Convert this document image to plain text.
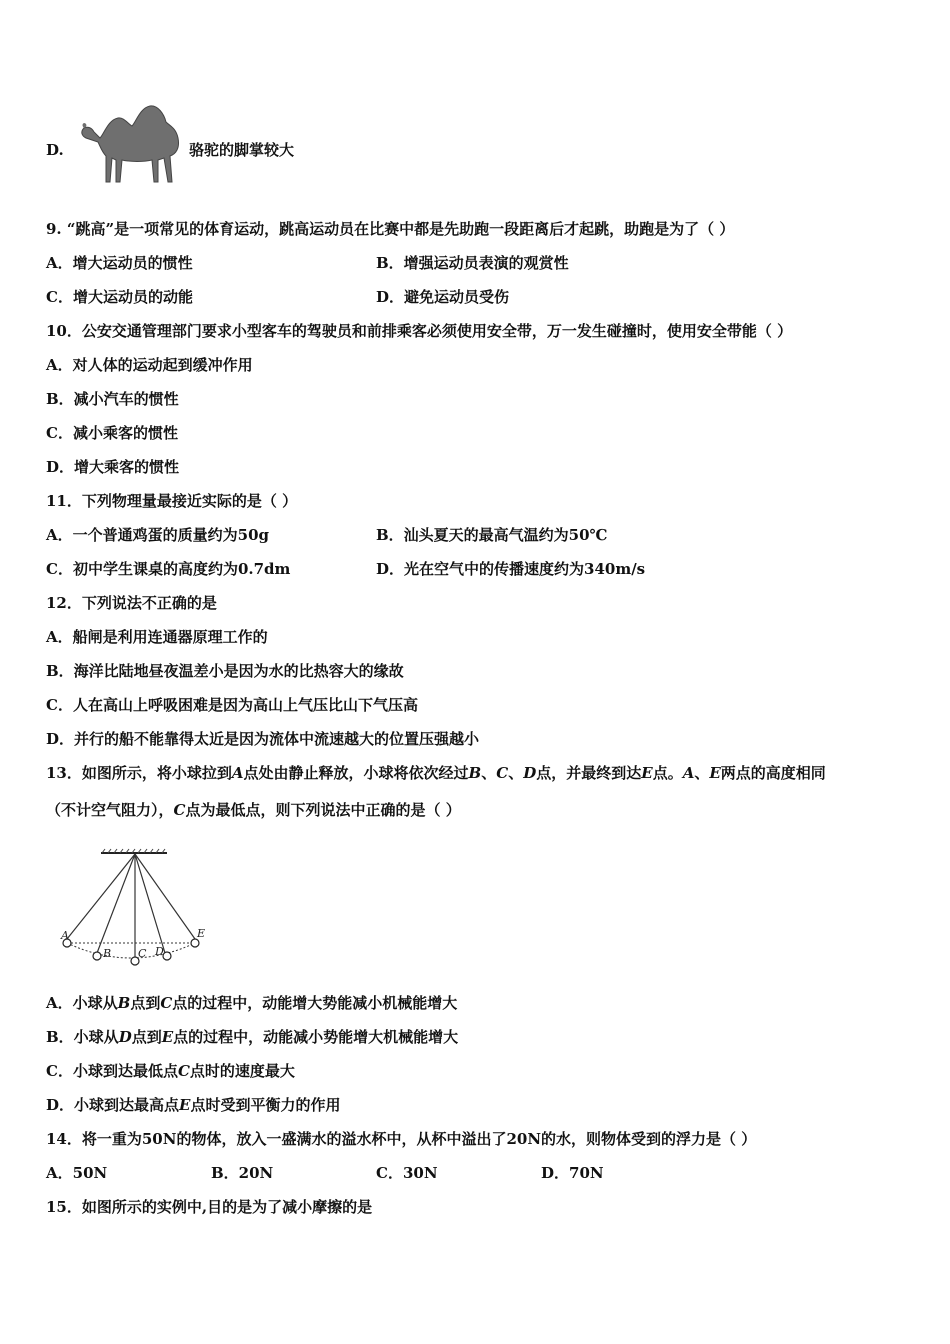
D.	骆驼的脚掌较大
9. “跳高”是一项常见的体育运动，跳高运动员在比赛中都是先助跑一段距离后才起跳，助跑是为了（ ）
A．增大运动员的惯性	B．增强运动员表演的观赏性
C．增大运动员的动能	D．避免运动员受伤
10．公安交通管理部门要求小型客车的驾驶员和前排乘客必须使用安全带，万一发生碰撞时，使用安全带能（ ）
A．对人体的运动起到缓冲作用
B．减小汽车的惯性
C．减小乘客的惯性
D．增大乘客的惯性
11．下列物理量最接近实际的是（ ）
A．一个普通鸡蛋的质量约为50g	B．汕头夏天的最高气温约为50℃
C．初中学生课桌的高度约为0.7dm	D．光在空气中的传播速度约为340m/s
12．下列说法不正确的是
A．船闸是利用连通器原理工作的
B．海洋比陆地昼夜温差小是因为水的比热容大的缘故
C．人在高山上呼吸困难是因为高山上气压比山下气压高
D．并行的船不能靠得太近是因为流体中流速越大的位置压强越小
13．如图所示，将小球拉到A点处由静止释放，小球将依次经过B、C、D点，并最终到达E点。A、E两点的高度相同
（不计空气阻力），C点为最低点，则下列说法中正确的是（ ）
A
B C D
E
A．小球从B点到C点的过程中，动能增大势能减小机械能增大
B．小球从D点到E点的过程中，动能减小势能增大机械能增大
C．小球到达最低点C点时的速度最大
D．小球到达最高点E点时受到平衡力的作用
14．将一重为50N的物体，放入一盛满水的溢水杯中，从杯中溢出了20N的水，则物体受到的浮力是（ ）
A．50N	B．20N	C．30N	D．70N
15．如图所示的实例中,目的是为了减小摩擦的是
